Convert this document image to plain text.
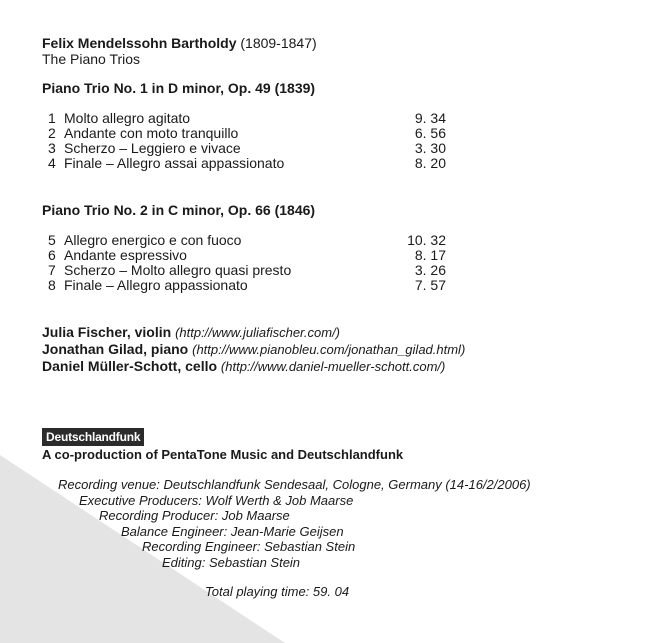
Felix Mendelssohn Bartholdy (1809-1847)
The Piano Trios
Piano Trio No. 1 in D minor, Op. 49 (1839)
1 Molto allegro agitato	9. 34
2 Andante con moto tranquillo	6. 56
3 Scherzo – Leggiero e vivace	3. 30
4 Finale – Allegro assai appassionato	8. 20
Piano Trio No. 2 in C minor, Op. 66 (1846)
5 Allegro energico e con fuoco	10. 32
6 Andante espressivo	8. 17
7 Scherzo – Molto allegro quasi presto	3. 26
8 Finale – Allegro appassionato	7. 57
Julia Fischer, violin (http://www.juliafischer.com/)
Jonathan Gilad, piano (http://www.pianobleu.com/jonathan_gilad.html)
Daniel Müller-Schott, cello (http://www.daniel-mueller-schott.com/)
Deutschlandfunk
A co-production of PentaTone Music and Deutschlandfunk
Recording venue: Deutschlandfunk Sendesaal, Cologne, Germany (14-16/2/2006)
Executive Producers: Wolf Werth & Job Maarse
Recording Producer: Job Maarse
Balance Engineer: Jean-Marie Geijsen
Recording Engineer: Sebastian Stein
Editing: Sebastian Stein
Total playing time: 59. 04
